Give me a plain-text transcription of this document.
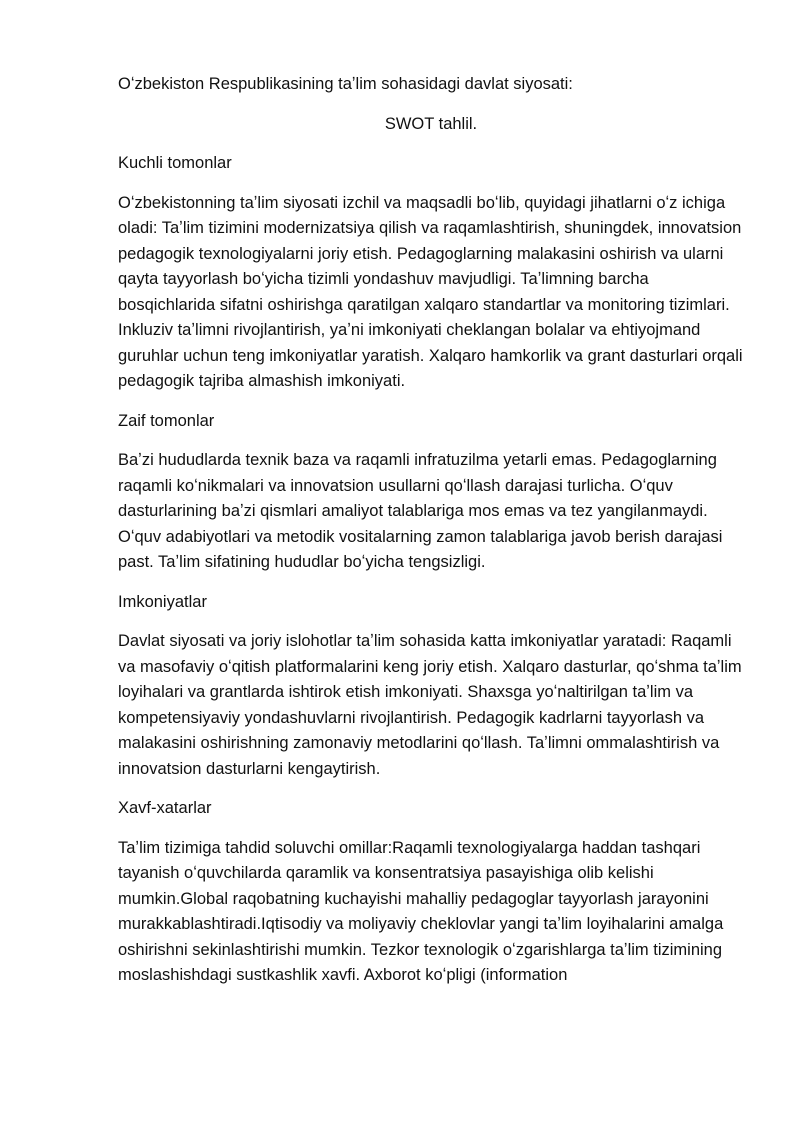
Oʻzbekiston Respublikasining taʼlim sohasidagi davlat siyosati:

SWOT tahlil.

Kuchli tomonlar

Oʻzbekistonning taʼlim siyosati izchil va maqsadli boʻlib, quyidagi jihatlarni oʻz ichiga oladi: Taʼlim tizimini modernizatsiya qilish va raqamlashtirish, shuningdek, innovatsion pedagogik texnologiyalarni joriy etish. Pedagoglarning malakasini oshirish va ularni qayta tayyorlash boʻyicha tizimli yondashuv mavjudligi. Taʼlimning barcha bosqichlarida sifatni oshirishga qaratilgan xalqaro standartlar va monitoring tizimlari. Inkluziv taʼlimni rivojlantirish, yaʼni imkoniyati cheklangan bolalar va ehtiyojmand guruhlar uchun teng imkoniyatlar yaratish. Xalqaro hamkorlik va grant dasturlari orqali pedagogik tajriba almashish imkoniyati.

Zaif tomonlar

Baʼzi hududlarda texnik baza va raqamli infratuzilma yetarli emas. Pedagoglarning raqamli koʻnikmalari va innovatsion usullarni qoʻllash darajasi turlicha. Oʻquv dasturlarining baʼzi qismlari amaliyot talablariga mos emas va tez yangilanmaydi. Oʻquv adabiyotlari va metodik vositalarning zamon talablariga javob berish darajasi past. Taʼlim sifatining hududlar boʻyicha tengsizligi.

Imkoniyatlar

Davlat siyosati va joriy islohotlar taʼlim sohasida katta imkoniyatlar yaratadi: Raqamli va masofaviy oʻqitish platformalarini keng joriy etish. Xalqaro dasturlar, qoʻshma taʼlim loyihalari va grantlarda ishtirok etish imkoniyati. Shaxsga yoʻnaltirilgan taʼlim va kompetensiyaviy yondashuvlarni rivojlantirish. Pedagogik kadrlarni tayyorlash va malakasini oshirishning zamonaviy metodlarini qoʻllash. Taʼlimni ommalashtirish va innovatsion dasturlarni kengaytirish.

Xavf-xatarlar

Taʼlim tizimiga tahdid soluvchi omillar:Raqamli texnologiyalarga haddan tashqari tayanish oʻquvchilarda qaramlik va konsentratsiya pasayishiga olib kelishi mumkin.Global raqobatning kuchayishi mahalliy pedagoglar tayyorlash jarayonini murakkablashtiradi.Iqtisodiy va moliyaviy cheklovlar yangi taʼlim loyihalarini amalga oshirishni sekinlashtirishi mumkin. Tezkor texnologik oʻzgarishlarga taʼlim tizimining moslashishdagi sustkashlik xavfi. Axborot koʻpligi (information
